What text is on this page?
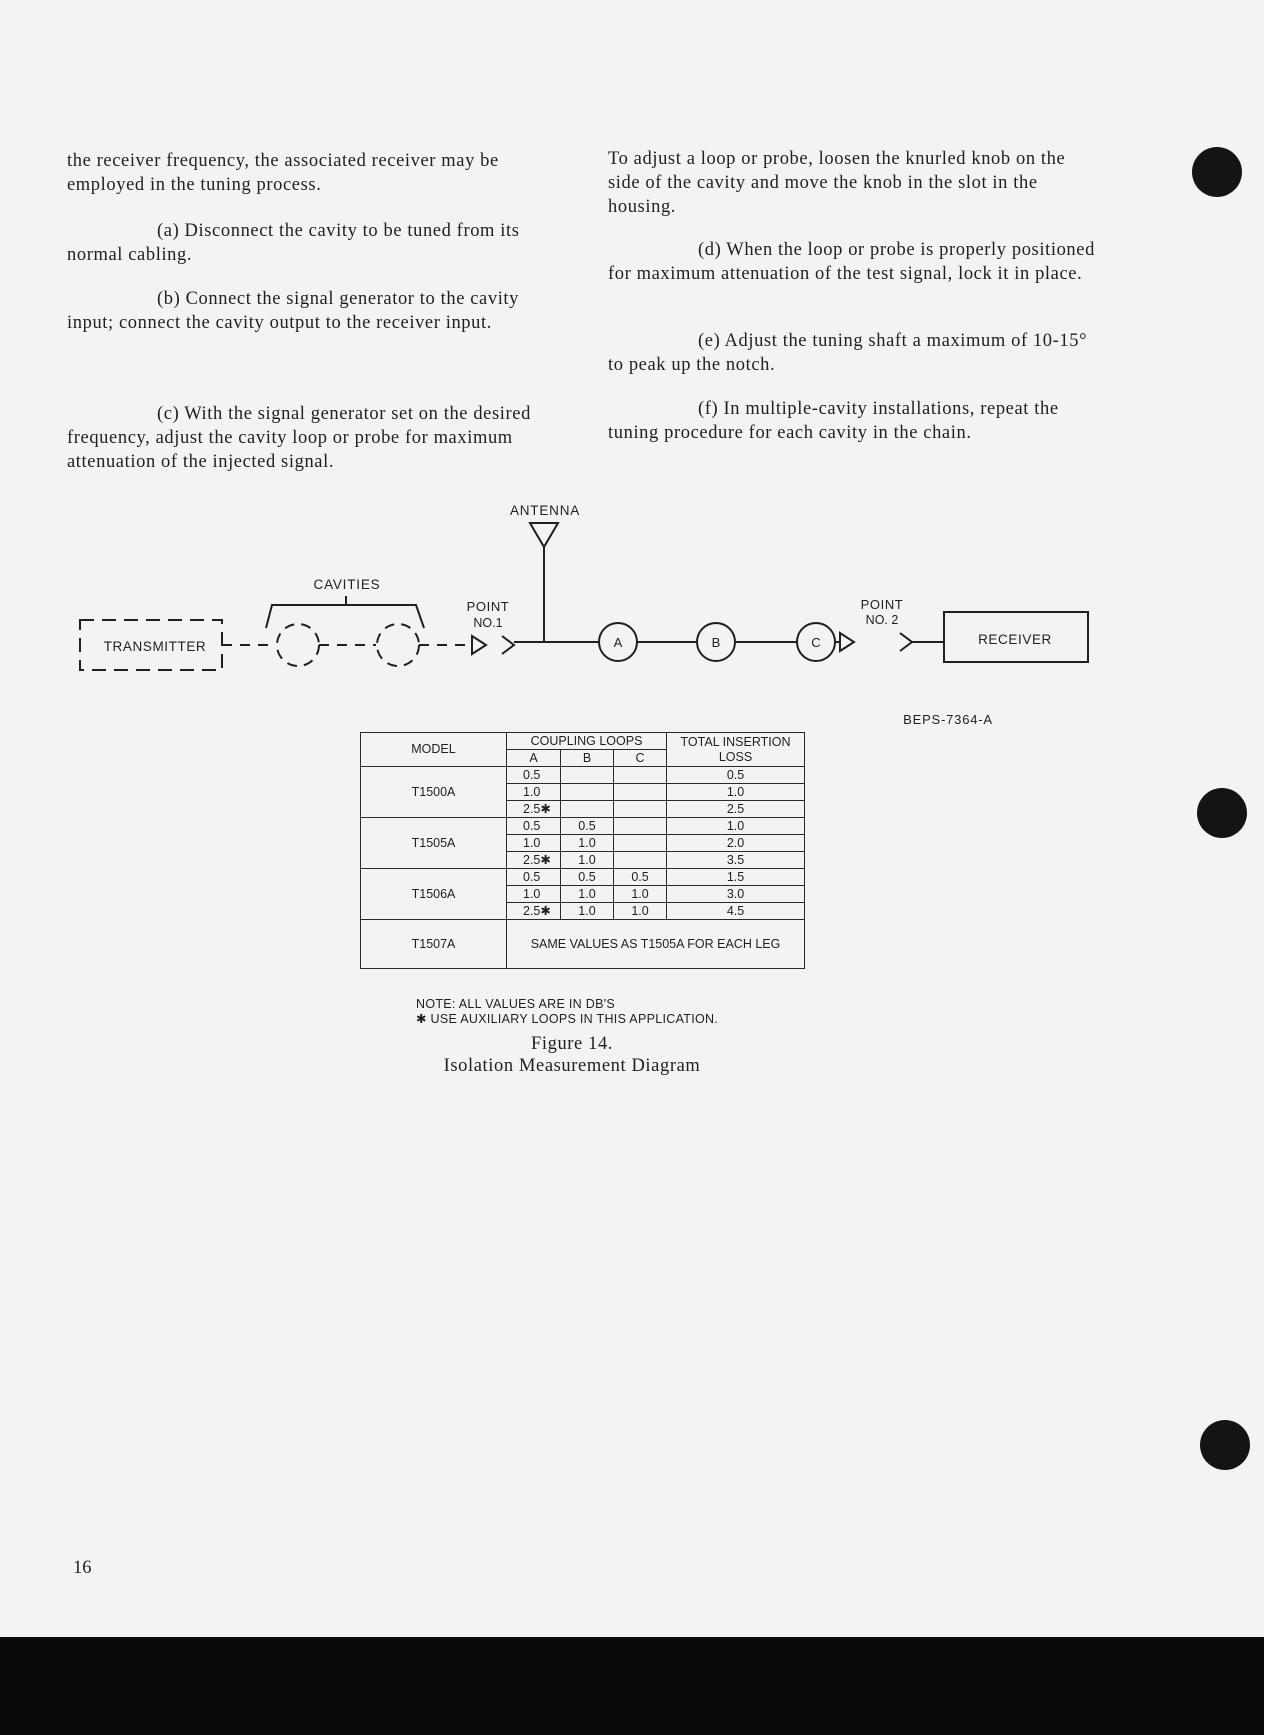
the receiver frequency, the associated receiver may be employed in the tuning process.

(a) Disconnect the cavity to be tuned from its normal cabling.

(b) Connect the signal generator to the cavity input; connect the cavity output to the receiver input.

(c) With the signal generator set on the desired frequency, adjust the cavity loop or probe for maximum attenuation of the injected signal.

To adjust a loop or probe, loosen the knurled knob on the side of the cavity and move the knob in the slot in the housing.

(d) When the loop or probe is properly positioned for maximum attenuation of the test signal, lock it in place.

(e) Adjust the tuning shaft a maximum of 10-15° to peak up the notch.

(f) In multiple-cavity installations, repeat the tuning procedure for each cavity in the chain.

ANTENNA
CAVITIES
TRANSMITTER	RECEIVER
POINT
NO.1
POINT
NO. 2
A	B	C
BEPS-7364-A
MODEL	COUPLING LOOPS			TOTAL INSERTION
LOSS
	A	B	C	
T1500A	0.5			0.5
	1.0			1.0
	2.5✱			2.5
T1505A	0.5	0.5		1.0
	1.0	1.0		2.0
	2.5✱	1.0		3.5
T1506A	0.5	0.5	0.5	1.5
	1.0	1.0	1.0	3.0
	2.5✱	1.0	1.0	4.5
T1507A	SAME VALUES AS T1505A FOR EACH LEG			

NOTE: ALL VALUES ARE IN DB'S

✱ USE AUXILIARY LOOPS IN THIS APPLICATION.

Figure 14.

Isolation Measurement Diagram

16
